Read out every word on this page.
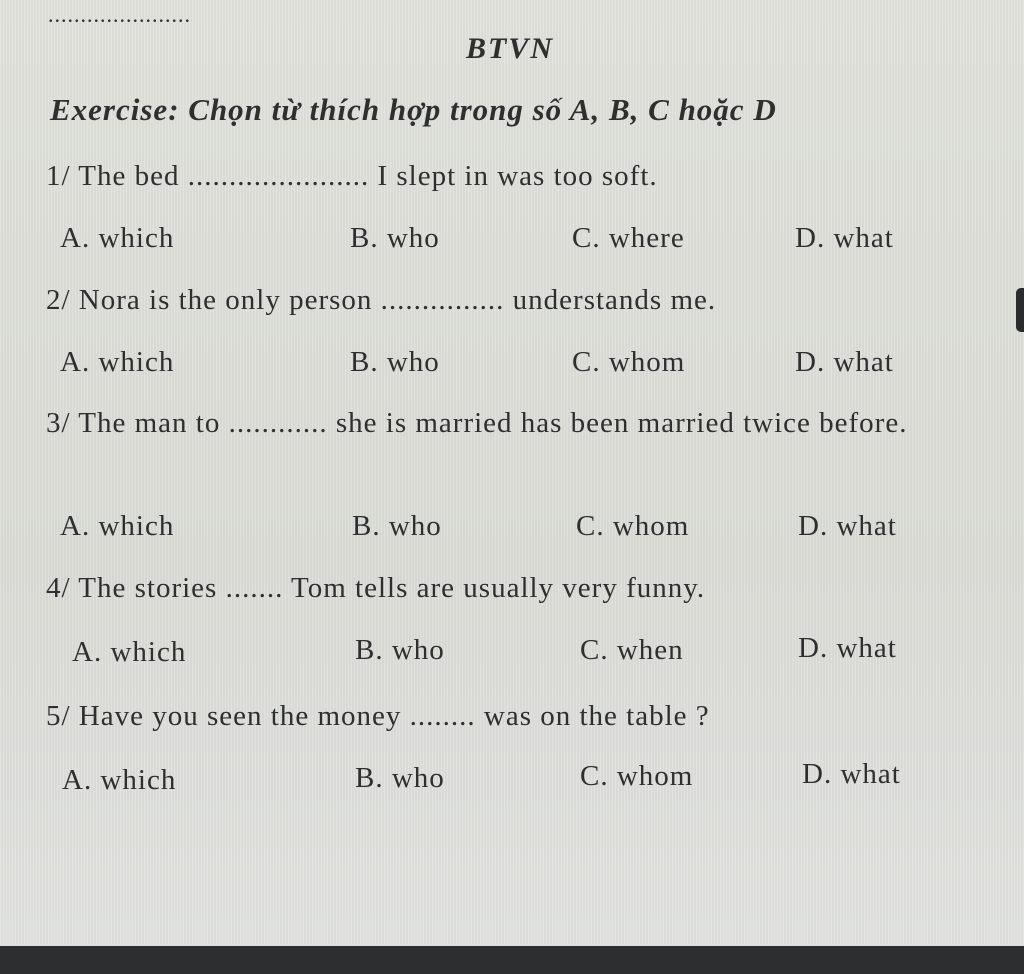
......................
BTVN
Exercise: Chọn từ thích hợp trong số A, B, C hoặc D
1/ The bed ...................... I slept in was too soft.
A. which	B. who	C. where	D. what
2/ Nora is the only person ............... understands me.
A. which	B. who	C. whom	D. what
3/ The man to ............ she is married has been married twice before.
A. which	B. who	C. whom	D. what
4/ The stories ....... Tom tells are usually very funny.
A. which	B. who	C. when	D. what
5/ Have you seen the money ........ was on the table ?
A. which	B. who	C. whom	D. what
